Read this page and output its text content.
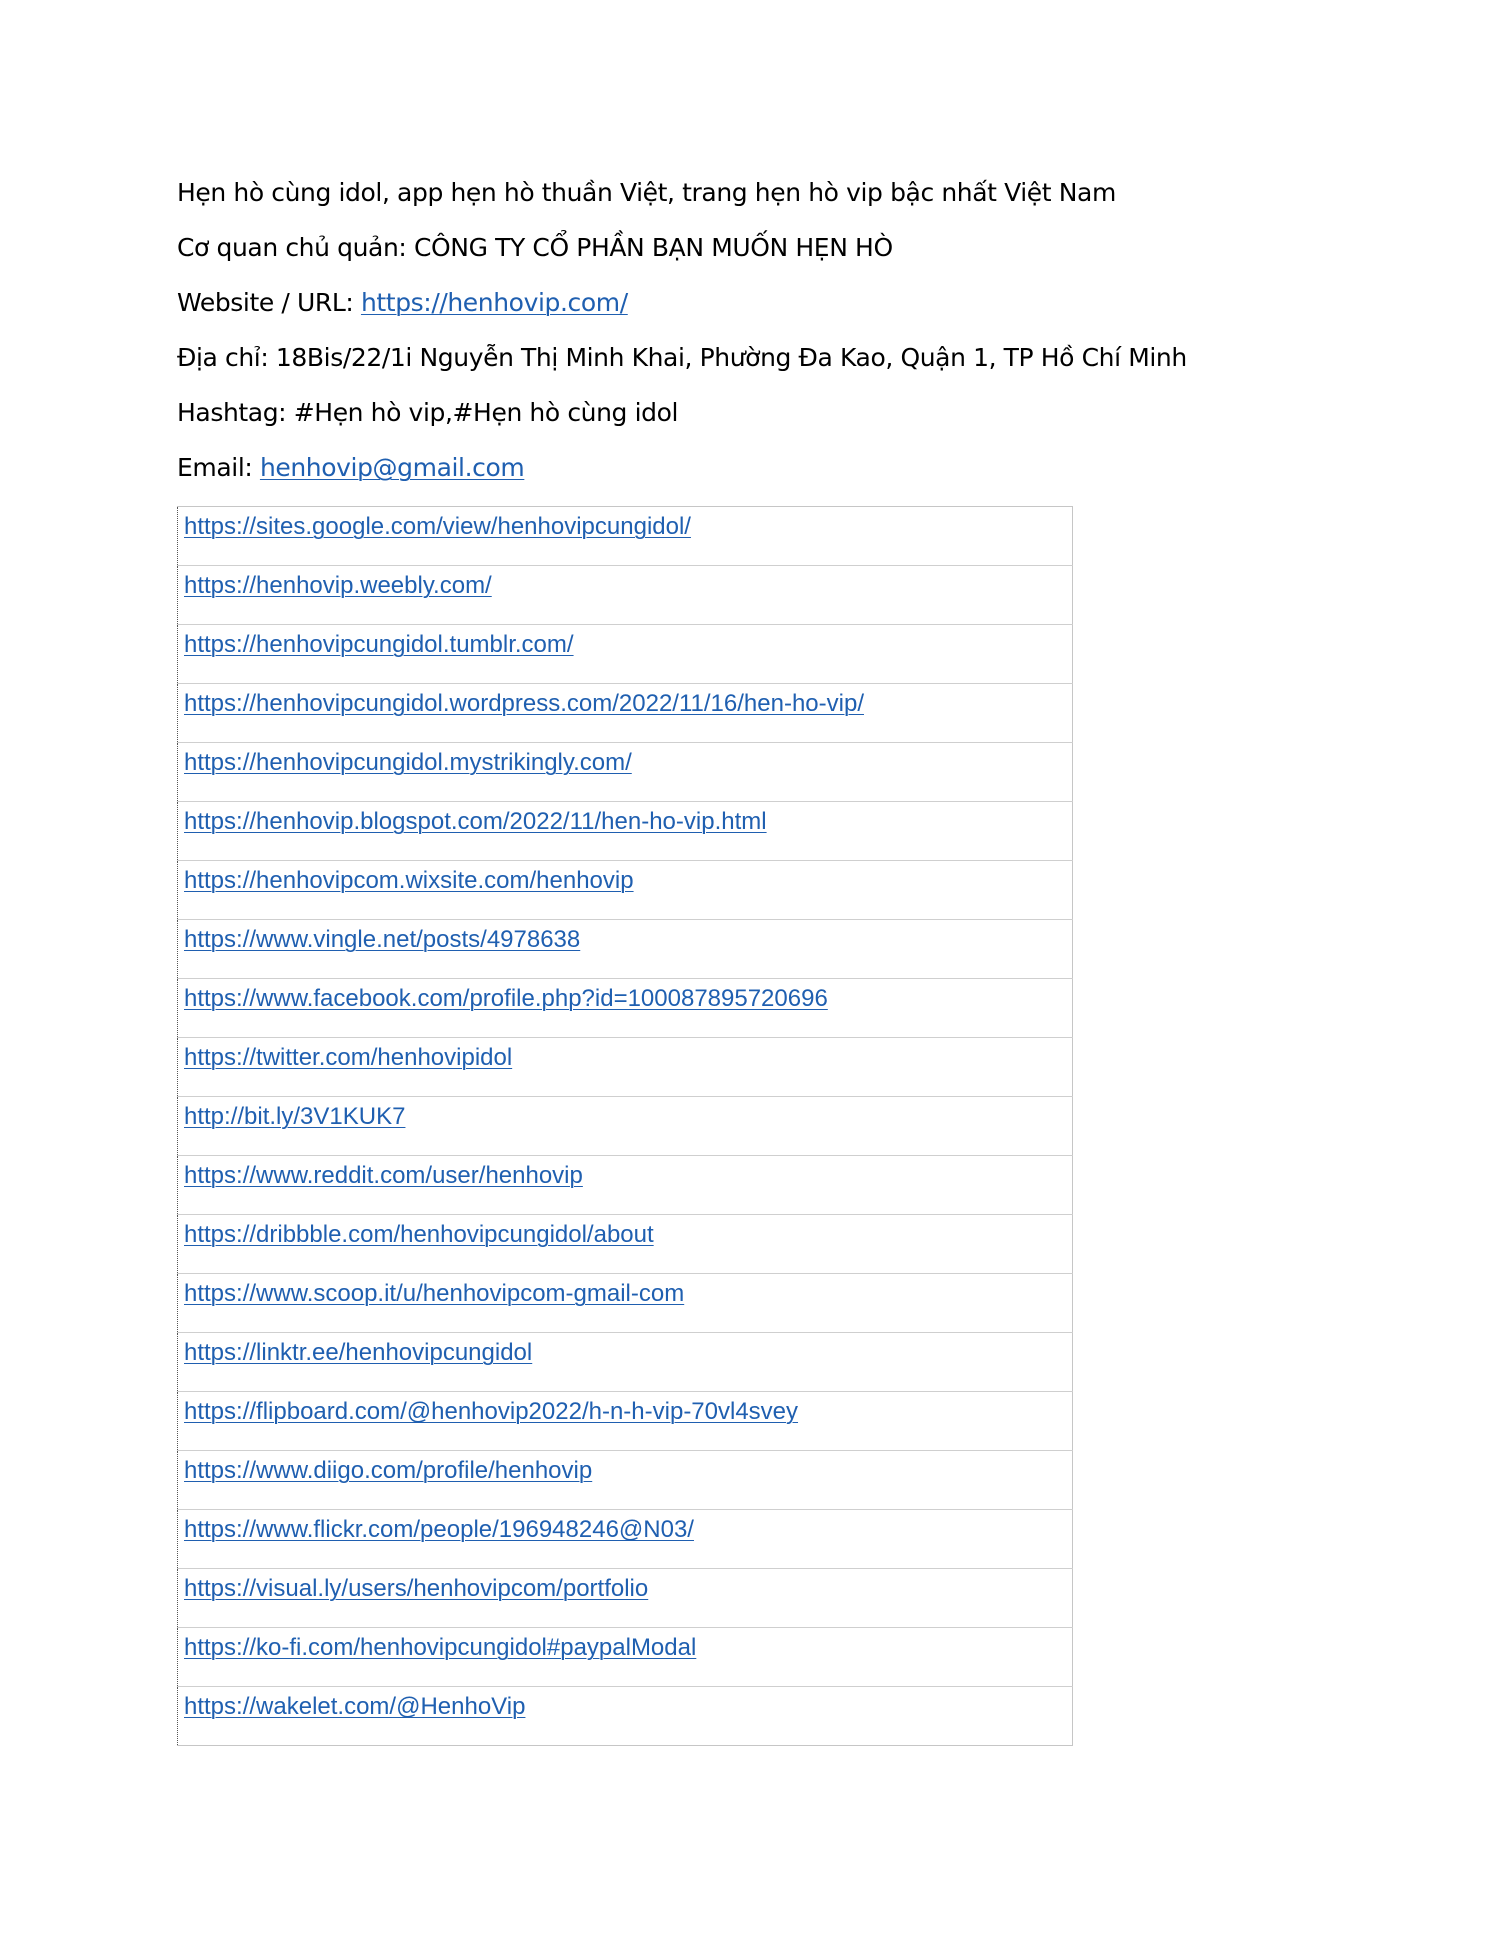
Hẹn hò cùng idol, app hẹn hò thuần Việt, trang hẹn hò vip bậc nhất Việt Nam
Cơ quan chủ quản: CÔNG TY CỔ PHẦN BẠN MUỐN HẸN HÒ
Website / URL: https://henhovip.com/
Địa chỉ: 18Bis/22/1i Nguyễn Thị Minh Khai, Phường Đa Kao, Quận 1, TP Hồ Chí Minh
Hashtag: #Hẹn hò vip,#Hẹn hò cùng idol
Email: henhovip@gmail.com
https://sites.google.com/view/henhovipcungidol/
https://henhovip.weebly.com/
https://henhovipcungidol.tumblr.com/
https://henhovipcungidol.wordpress.com/2022/11/16/hen-ho-vip/
https://henhovipcungidol.mystrikingly.com/
https://henhovip.blogspot.com/2022/11/hen-ho-vip.html
https://henhovipcom.wixsite.com/henhovip
https://www.vingle.net/posts/4978638
https://www.facebook.com/profile.php?id=100087895720696
https://twitter.com/henhovipidol
http://bit.ly/3V1KUK7
https://www.reddit.com/user/henhovip
https://dribbble.com/henhovipcungidol/about
https://www.scoop.it/u/henhovipcom-gmail-com
https://linktr.ee/henhovipcungidol
https://flipboard.com/@henhovip2022/h-n-h-vip-70vl4svey
https://www.diigo.com/profile/henhovip
https://www.flickr.com/people/196948246@N03/
https://visual.ly/users/henhovipcom/portfolio
https://ko-fi.com/henhovipcungidol#paypalModal
https://wakelet.com/@HenhoVip
